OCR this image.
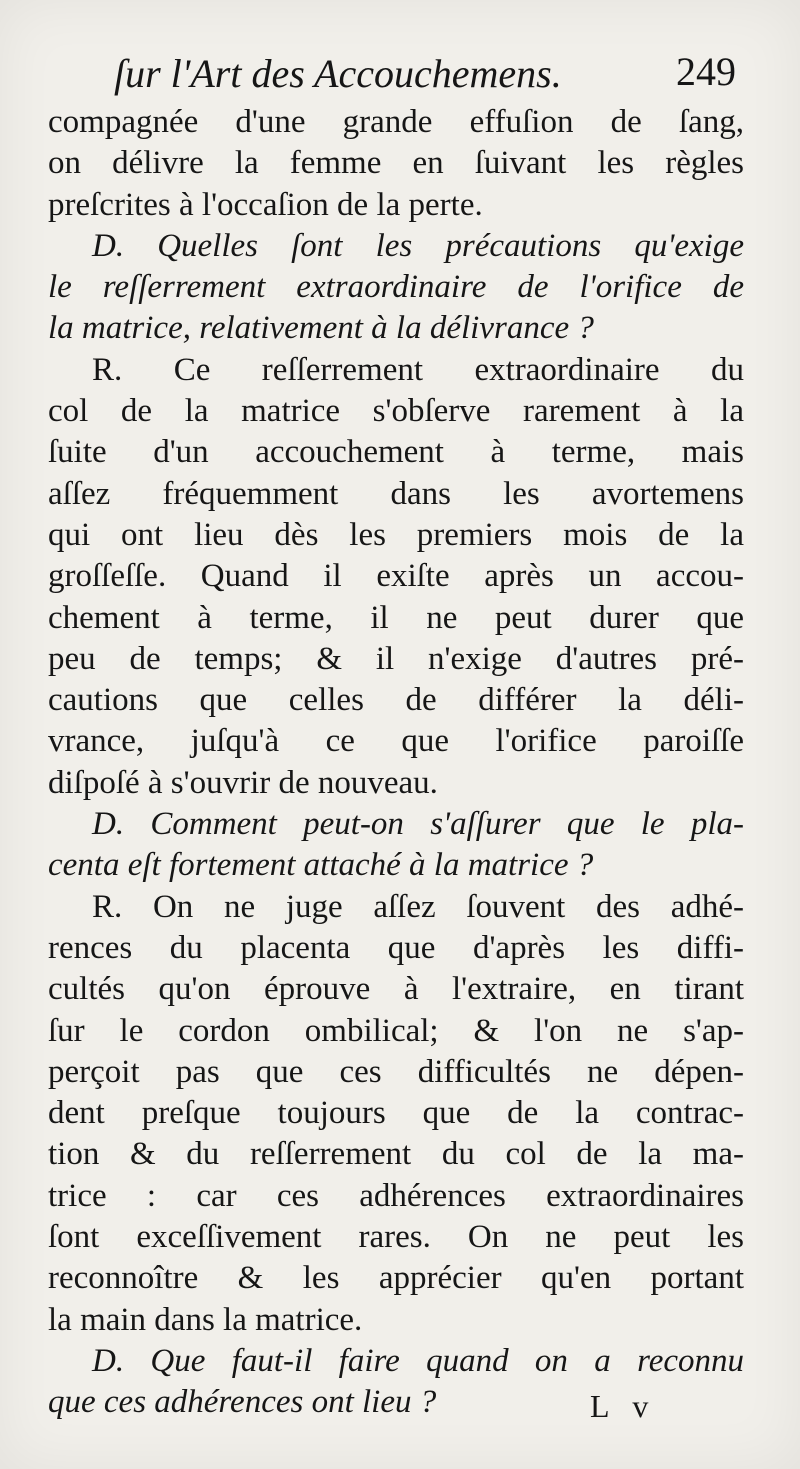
ſur l'Art des Accouchemens.	249
compagnée d'une grande effuſion de ſang,
on délivre la femme en ſuivant les règles
preſcrites à l'occaſion de la perte.
D. Quelles ſont les précautions qu'exige
le reſſerrement extraordinaire de l'orifice de
la matrice, relativement à la délivrance ?
R. Ce reſſerrement extraordinaire du
col de la matrice s'obſerve rarement à la
ſuite d'un accouchement à terme, mais
aſſez fréquemment dans les avortemens
qui ont lieu dès les premiers mois de la
groſſeſſe. Quand il exiſte après un accou-
chement à terme, il ne peut durer que
peu de temps; & il n'exige d'autres pré-
cautions que celles de différer la déli-
vrance, juſqu'à ce que l'orifice paroiſſe
diſpoſé à s'ouvrir de nouveau.
D. Comment peut-on s'aſſurer que le pla-
centa eſt fortement attaché à la matrice ?
R. On ne juge aſſez ſouvent des adhé-
rences du placenta que d'après les diffi-
cultés qu'on éprouve à l'extraire, en tirant
ſur le cordon ombilical; & l'on ne s'ap-
perçoit pas que ces difficultés ne dépen-
dent preſque toujours que de la contrac-
tion & du reſſerrement du col de la ma-
trice : car ces adhérences extraordinaires
ſont exceſſivement rares. On ne peut les
reconnoître & les apprécier qu'en portant
la main dans la matrice.
D. Que faut-il faire quand on a reconnu
que ces adhérences ont lieu ?	L v
